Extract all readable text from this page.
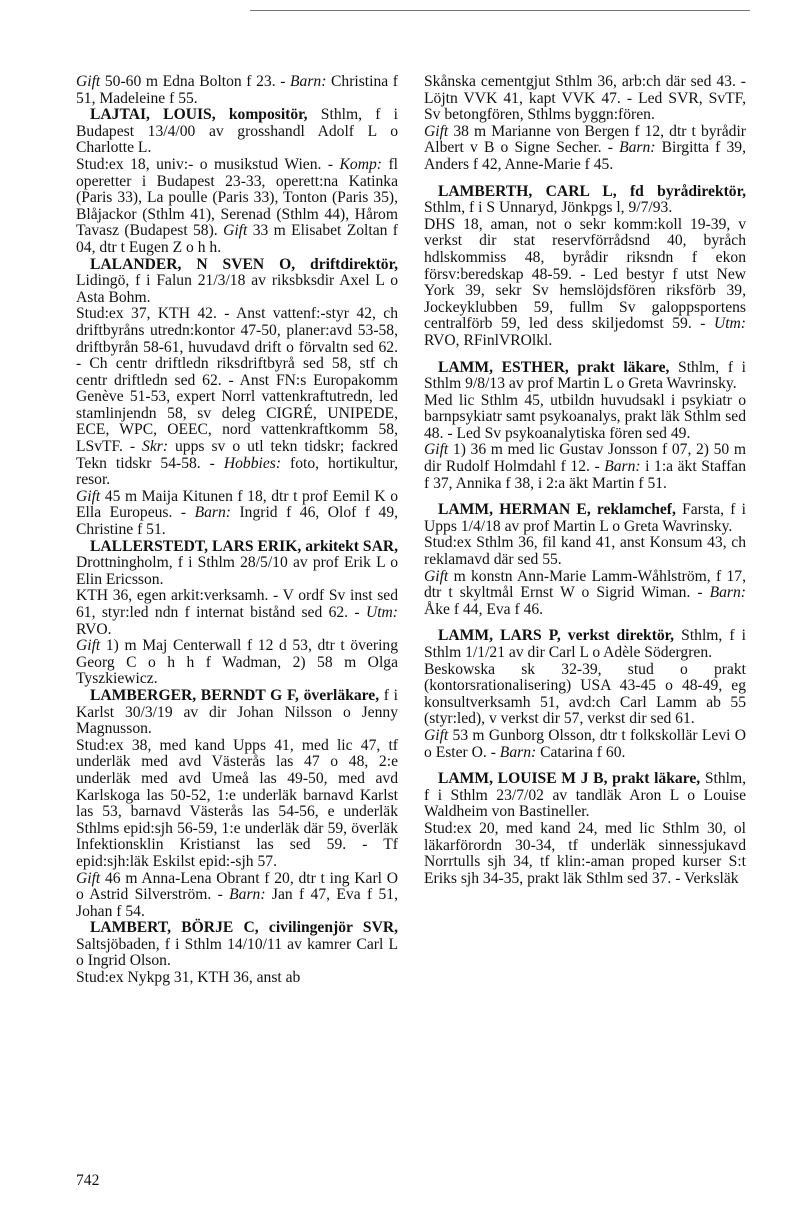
Gift 50-60 m Edna Bolton f 23. - Barn: Christina f 51, Madeleine f 55.

LAJTAI, LOUIS, kompositör, Sthlm, f i Budapest 13/4/00 av grosshandl Adolf L o Charlotte L.

Stud:ex 18, univ:- o musikstud Wien. - Komp: fl operetter i Budapest 23-33, operett:na Katinka (Paris 33), La poulle (Paris 33), Tonton (Paris 35), Blåjackor (Sthlm 41), Serenad (Sthlm 44), Hårom Tavasz (Budapest 58). Gift 33 m Elisabet Zoltan f 04, dtr t Eugen Z o h h.

LALANDER, N SVEN O, driftdirektör, Lidingö, f i Falun 21/3/18 av riksbksdir Axel L o Asta Bohm.

Stud:ex 37, KTH 42. - Anst vattenf:-styr 42, ch driftbyråns utredn:kontor 47-50, planer:avd 53-58, driftbyrån 58-61, huvudavd drift o förvaltn sed 62. - Ch centr driftledn riksdriftbyrå sed 58, stf ch centr driftledn sed 62. - Anst FN:s Europakomm Genève 51-53, expert Norrl vattenkraftutredn, led stamlinjendn 58, sv deleg CIGRÉ, UNIPEDE, ECE, WPC, OEEC, nord vattenkraftkomm 58, LSvTF. - Skr: upps sv o utl tekn tidskr; fackred Tekn tidskr 54-58. - Hobbies: foto, hortikultur, resor.

Gift 45 m Maija Kitunen f 18, dtr t prof Eemil K o Ella Europeus. - Barn: Ingrid f 46, Olof f 49, Christine f 51.

LALLERSTEDT, LARS ERIK, arkitekt SAR, Drottningholm, f i Sthlm 28/5/10 av prof Erik L o Elin Ericsson.

KTH 36, egen arkit:verksamh. - V ordf Sv inst sed 61, styr:led ndn f internat bistånd sed 62. - Utm: RVO.

Gift 1) m Maj Centerwall f 12 d 53, dtr t övering Georg C o h h f Wadman, 2) 58 m Olga Tyszkiewicz.

LAMBERGER, BERNDT G F, överläkare, f i Karlst 30/3/19 av dir Johan Nilsson o Jenny Magnusson.

Stud:ex 38, med kand Upps 41, med lic 47, tf underläk med avd Västerås las 47 o 48, 2:e underläk med avd Umeå las 49-50, med avd Karlskoga las 50-52, 1:e underläk barnavd Karlst las 53, barnavd Västerås las 54-56, e underläk Sthlms epid:sjh 56-59, 1:e underläk där 59, överläk Infektionsklin Kristianst las sed 59. - Tf epid:sjh:läk Eskilst epid:-sjh 57.

Gift 46 m Anna-Lena Obrant f 20, dtr t ing Karl O o Astrid Silverström. - Barn: Jan f 47, Eva f 51, Johan f 54.

LAMBERT, BÖRJE C, civilingenjör SVR, Saltsjöbaden, f i Sthlm 14/10/11 av kamrer Carl L o Ingrid Olson.

Stud:ex Nykpg 31, KTH 36, anst ab

Skånska cementgjut Sthlm 36, arb:ch där sed 43. - Löjtn VVK 41, kapt VVK 47. - Led SVR, SvTF, Sv betongfören, Sthlms byggn:fören.

Gift 38 m Marianne von Bergen f 12, dtr t byrådir Albert v B o Signe Secher. - Barn: Birgitta f 39, Anders f 42, Anne-Marie f 45.

LAMBERTH, CARL L, fd byrådirektör, Sthlm, f i S Unnaryd, Jönkpgs l, 9/7/93.

DHS 18, aman, not o sekr komm:koll 19-39, v verkst dir stat reservförrådsnd 40, byråch hdlskommiss 48, byrådir riksndn f ekon försv:beredskap 48-59. - Led bestyr f utst New York 39, sekr Sv hemslöjdsfören riksförb 39, Jockeyklubben 59, fullm Sv galoppsportens centralförb 59, led dess skiljedomst 59. - Utm: RVO, RFinlVROlkl.

LAMM, ESTHER, prakt läkare, Sthlm, f i Sthlm 9/8/13 av prof Martin L o Greta Wavrinsky.

Med lic Sthlm 45, utbildn huvudsakl i psykiatr o barnpsykiatr samt psykoanalys, prakt läk Sthlm sed 48. - Led Sv psykoanalytiska fören sed 49.

Gift 1) 36 m med lic Gustav Jonsson f 07, 2) 50 m dir Rudolf Holmdahl f 12. - Barn: i 1:a äkt Staffan f 37, Annika f 38, i 2:a äkt Martin f 51.

LAMM, HERMAN E, reklamchef, Farsta, f i Upps 1/4/18 av prof Martin L o Greta Wavrinsky.

Stud:ex Sthlm 36, fil kand 41, anst Konsum 43, ch reklamavd där sed 55.

Gift m konstn Ann-Marie Lamm-Wåhlström, f 17, dtr t skyltmål Ernst W o Sigrid Wiman. - Barn: Åke f 44, Eva f 46.

LAMM, LARS P, verkst direktör, Sthlm, f i Sthlm 1/1/21 av dir Carl L o Adèle Södergren.

Beskowska sk 32-39, stud o prakt (kontorsrationalisering) USA 43-45 o 48-49, eg konsultverksamh 51, avd:ch Carl Lamm ab 55 (styr:led), v verkst dir 57, verkst dir sed 61.

Gift 53 m Gunborg Olsson, dtr t folkskollär Levi O o Ester O. - Barn: Catarina f 60.

LAMM, LOUISE M J B, prakt läkare, Sthlm, f i Sthlm 23/7/02 av tandläk Aron L o Louise Waldheim von Bastineller.

Stud:ex 20, med kand 24, med lic Sthlm 30, ol läkarförordn 30-34, tf underläk sinnessjukavd Norrtulls sjh 34, tf klin:-aman proped kurser S:t Eriks sjh 34-35, prakt läk Sthlm sed 37. - Verksläk

742
